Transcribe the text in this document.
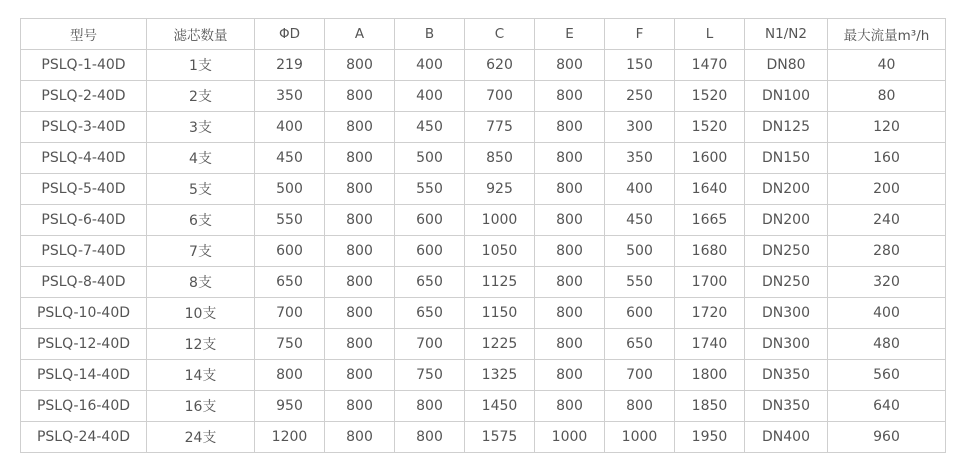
型号	滤芯数量	ΦD	A	B	C	E	F	L	N1/N2	最大流量m³/h
PSLQ-1-40D	1支	219	800	400	620	800	150	1470	DN80	40
PSLQ-2-40D	2支	350	800	400	700	800	250	1520	DN100	80
PSLQ-3-40D	3支	400	800	450	775	800	300	1520	DN125	120
PSLQ-4-40D	4支	450	800	500	850	800	350	1600	DN150	160
PSLQ-5-40D	5支	500	800	550	925	800	400	1640	DN200	200
PSLQ-6-40D	6支	550	800	600	1000	800	450	1665	DN200	240
PSLQ-7-40D	7支	600	800	600	1050	800	500	1680	DN250	280
PSLQ-8-40D	8支	650	800	650	1125	800	550	1700	DN250	320
PSLQ-10-40D	10支	700	800	650	1150	800	600	1720	DN300	400
PSLQ-12-40D	12支	750	800	700	1225	800	650	1740	DN300	480
PSLQ-14-40D	14支	800	800	750	1325	800	700	1800	DN350	560
PSLQ-16-40D	16支	950	800	800	1450	800	800	1850	DN350	640
PSLQ-24-40D	24支	1200	800	800	1575	1000	1000	1950	DN400	960
